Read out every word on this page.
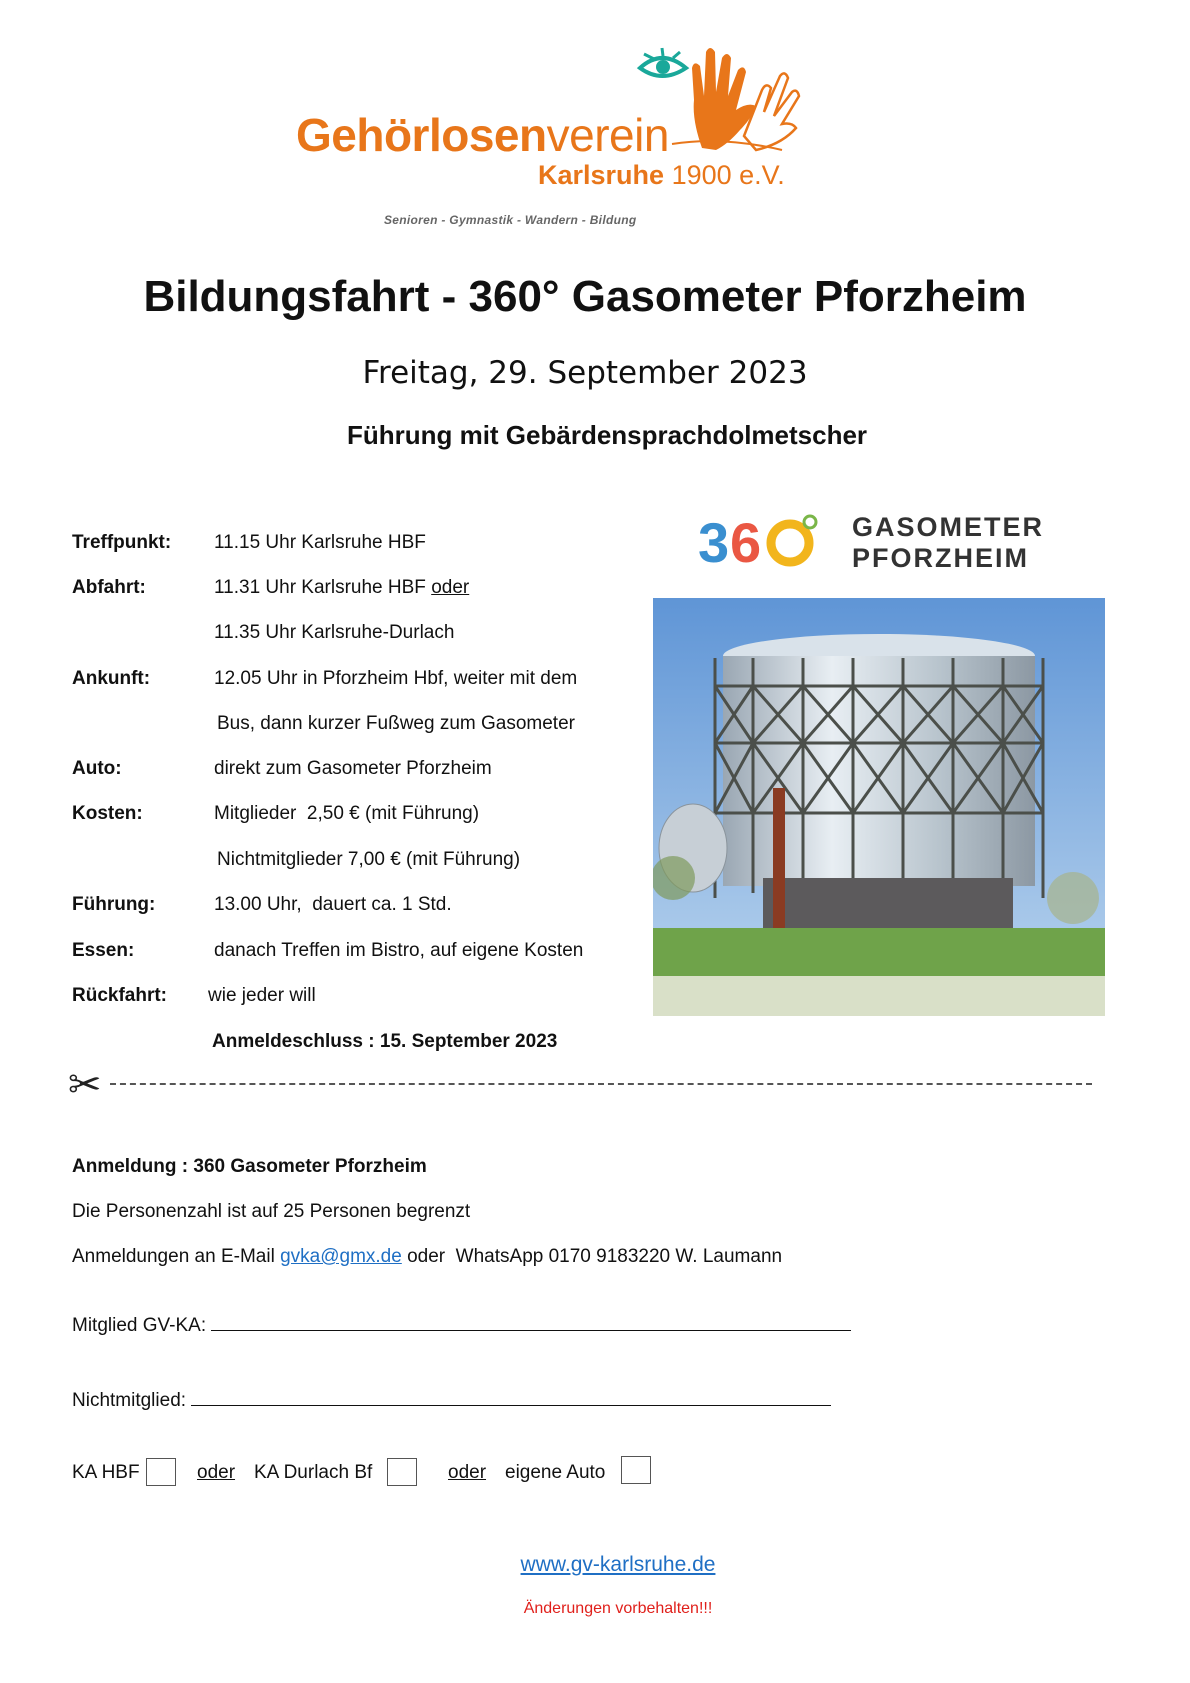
Gehörlosenverein
Karlsruhe 1900 e.V.
Senioren - Gymnastik - Wandern - Bildung
Bildungsfahrt - 360° Gasometer Pforzheim
Freitag, 29. September 2023
Führung mit Gebärdensprachdolmetscher
Treffpunkt: 11.15 Uhr Karlsruhe HBF
Abfahrt:	11.31 Uhr Karlsruhe HBF oder
11.35 Uhr Karlsruhe-Durlach
Ankunft:	12.05 Uhr in Pforzheim Hbf, weiter mit dem
Bus, dann kurzer Fußweg zum Gasometer
Auto:	direkt zum Gasometer Pforzheim
Kosten:	Mitglieder  2,50 € (mit Führung)
Nichtmitglieder 7,00 € (mit Führung)
Führung:	13.00 Uhr,  dauert ca. 1 Std.
Essen:	danach Treffen im Bistro, auf eigene Kosten
Rückfahrt: wie jeder will
Anmeldeschluss : 15. September 2023
3 6	GASOMETER
PFORZHEIM
✂
Anmeldung : 360 Gasometer Pforzheim
Die Personenzahl ist auf 25 Personen begrenzt
Anmeldungen an E-Mail gvka@gmx.de oder  WhatsApp 0170 9183220 W. Laumann
Mitglied GV-KA:
Nichtmitglied:
KA HBF	oder KA Durlach Bf	oder eigene Auto
www.gv-karlsruhe.de
Änderungen vorbehalten!!!
